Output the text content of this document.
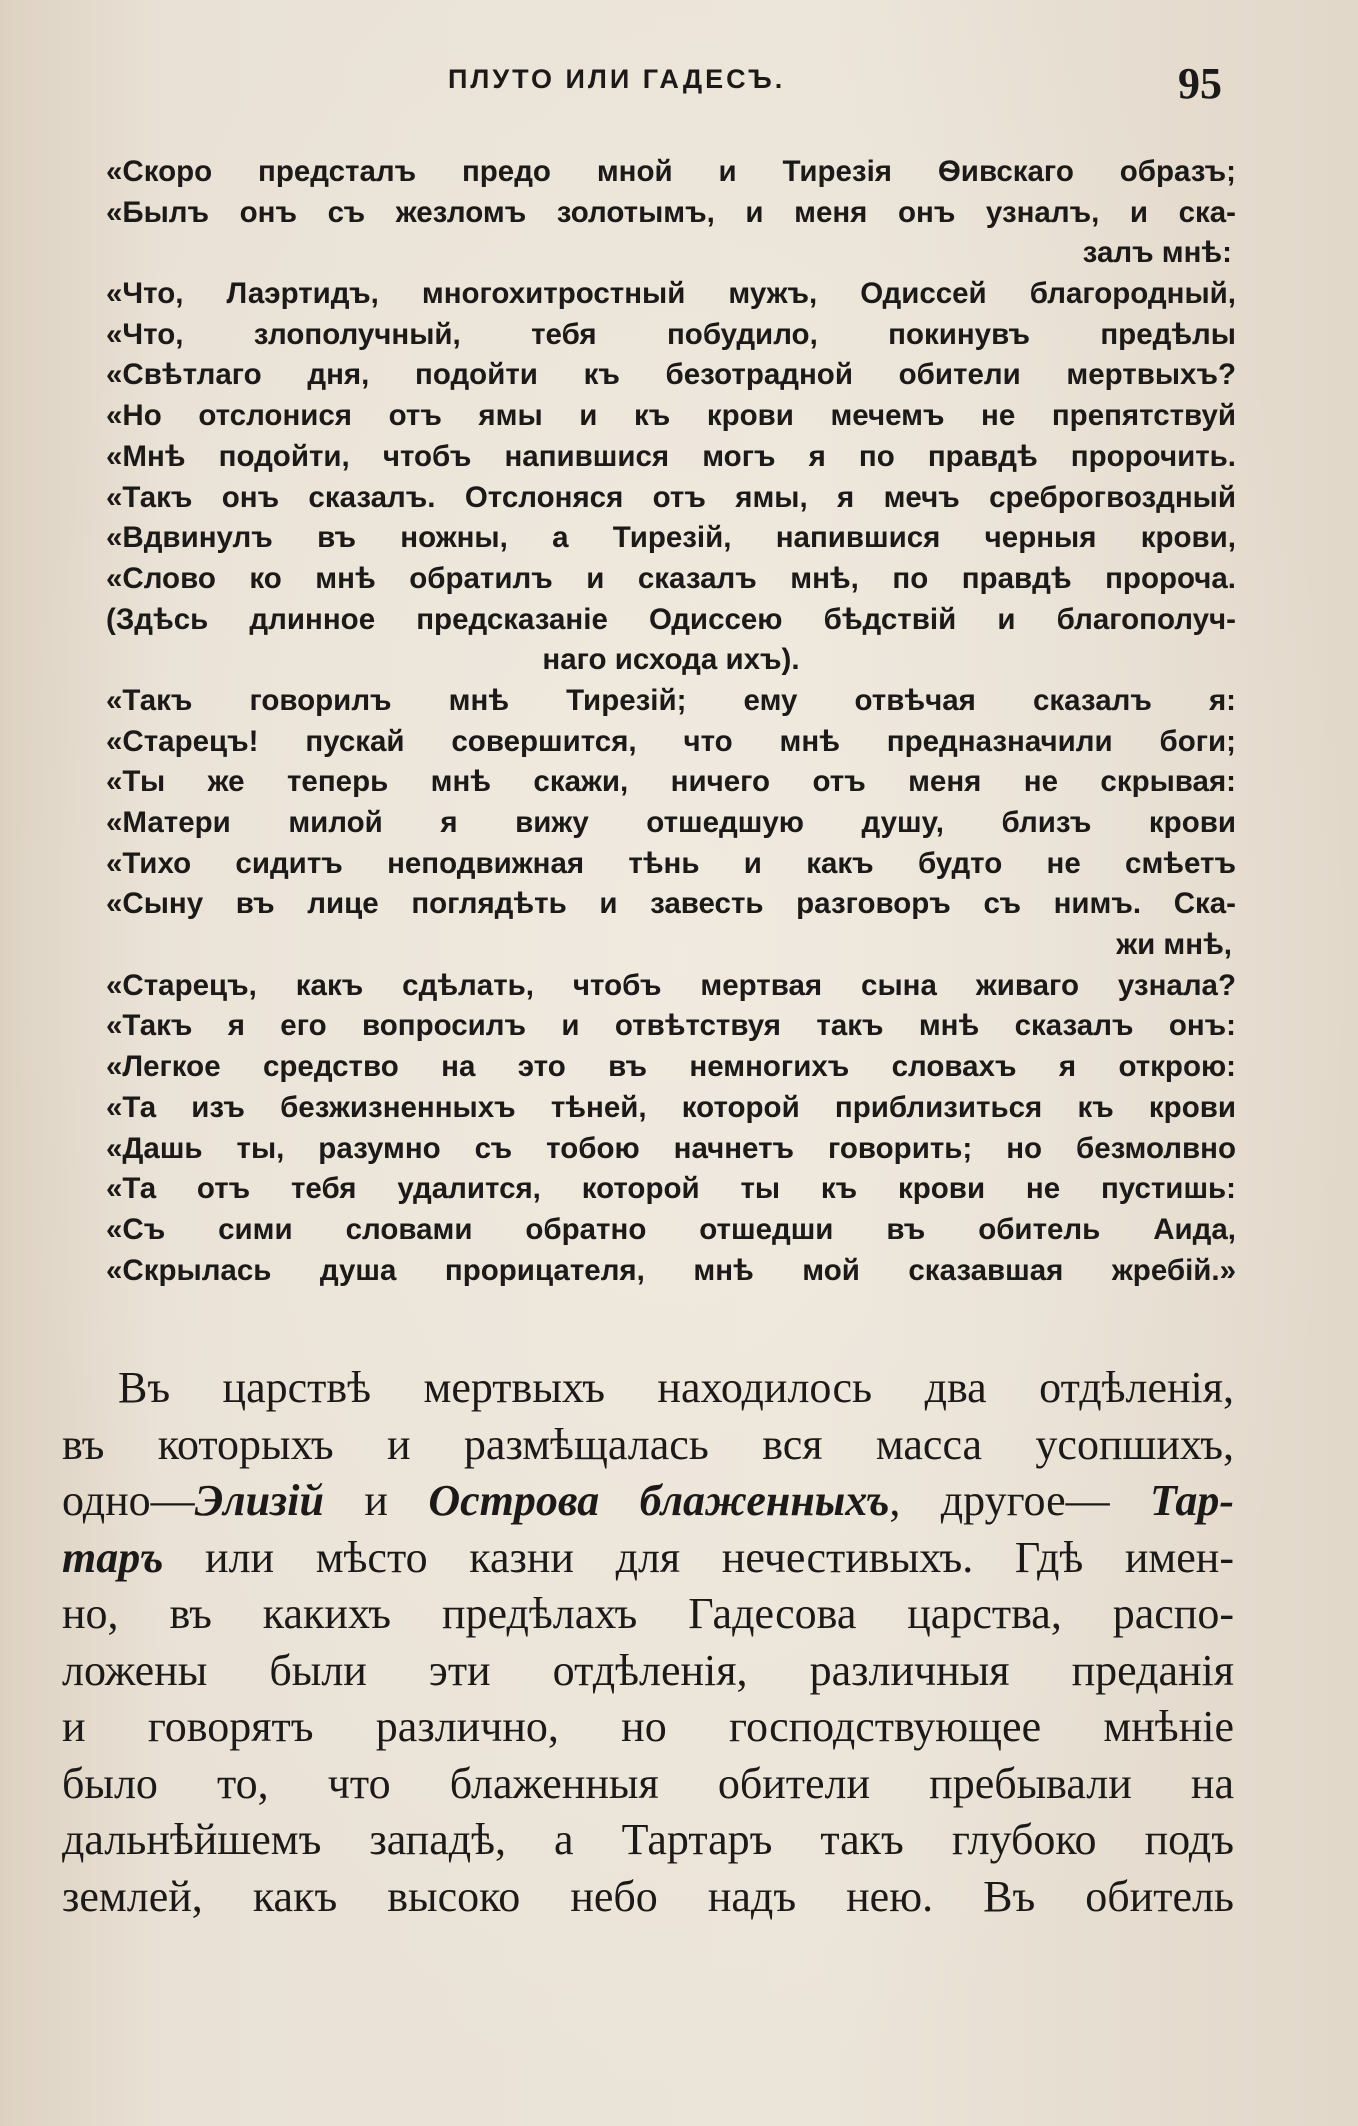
ПЛУТО ИЛИ ГАДЕСЪ.	95
«Скоро предсталъ предо мной и Тирезія Ѳивскаго образъ;
«Былъ онъ съ жезломъ золотымъ, и меня онъ узналъ, и ска-
залъ мнѣ:
«Что, Лаэртидъ, многохитростный мужъ, Одиссей благородный,
«Что, злополучный, тебя побудило, покинувъ предѣлы
«Свѣтлаго дня, подойти къ безотрадной обители мертвыхъ?
«Но отслонися отъ ямы и къ крови мечемъ не препятствуй
«Мнѣ подойти, чтобъ напившися могъ я по правдѣ пророчить.
«Такъ онъ сказалъ. Отслоняся отъ ямы, я мечъ среброгвоздный
«Вдвинулъ въ ножны, а Тирезій, напившися черныя крови,
«Слово ко мнѣ обратилъ и сказалъ мнѣ, по правдѣ пророча.
(Здѣсь длинное предсказаніе Одиссею бѣдствій и благополуч-
наго исхода ихъ).
«Такъ говорилъ мнѣ Тирезій; ему отвѣчая сказалъ я:
«Старецъ! пускай совершится, что мнѣ предназначили боги;
«Ты же теперь мнѣ скажи, ничего отъ меня не скрывая:
«Матери милой я вижу отшедшую душу, близъ крови
«Тихо сидитъ неподвижная тѣнь и какъ будто не смѣетъ
«Сыну въ лице поглядѣть и завесть разговоръ съ нимъ. Ска-
жи мнѣ,
«Старецъ, какъ сдѣлать, чтобъ мертвая сына живаго узнала?
«Такъ я его вопросилъ и отвѣтствуя такъ мнѣ сказалъ онъ:
«Легкое средство на это въ немногихъ словахъ я открою:
«Та изъ безжизненныхъ тѣней, которой приблизиться къ крови
«Дашь ты, разумно съ тобою начнетъ говорить; но безмолвно
«Та отъ тебя удалится, которой ты къ крови не пустишь:
«Съ сими словами обратно отшедши въ обитель Аида,
«Скрылась душа прорицателя, мнѣ мой сказавшая жребій.»
Въ царствѣ мертвыхъ находилось два отдѣленія,
въ которыхъ и размѣщалась вся масса усопшихъ,
одно—Элизій и Острова блаженныхъ, другое— Тар-
таръ или мѣсто казни для нечестивыхъ. Гдѣ имен-
но, въ какихъ предѣлахъ Гадесова царства, распо-
ложены были эти отдѣленія, различныя преданія
и говорятъ различно, но господствующее мнѣніе
было то, что блаженныя обители пребывали на
дальнѣйшемъ западѣ, а Тартаръ такъ глубоко подъ
землей, какъ высоко небо надъ нею. Въ обитель
